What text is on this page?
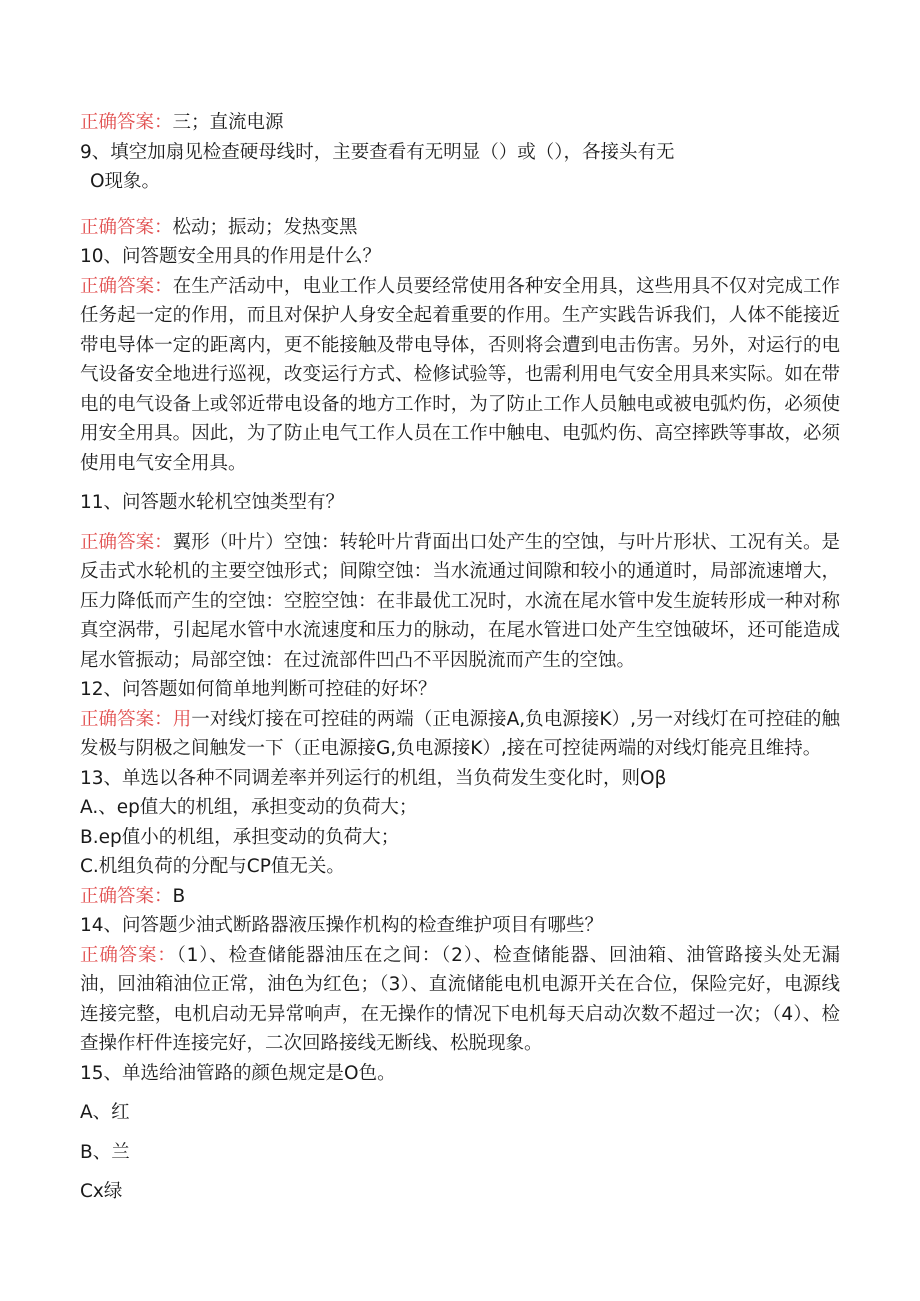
正确答案：三；直流电源
9、填空加扇见检查硬母线时，主要查看有无明显（）或（），各接头有无
O现象。
正确答案：松动；振动；发热变黑
10、问答题安全用具的作用是什么？
正确答案：在生产活动中，电业工作人员要经常使用各种安全用具，这些用具不仅对完成工作任务起一定的作用，而且对保护人身安全起着重要的作用。生产实践告诉我们，人体不能接近带电导体一定的距离内，更不能接触及带电导体，否则将会遭到电击伤害。另外，对运行的电气设备安全地进行巡视，改变运行方式、检修试验等，也需利用电气安全用具来实际。如在带电的电气设备上或邻近带电设备的地方工作时，为了防止工作人员触电或被电弧灼伤，必须使用安全用具。因此，为了防止电气工作人员在工作中触电、电弧灼伤、高空摔跌等事故，必须使用电气安全用具。
11、问答题水轮机空蚀类型有？
正确答案：翼形（叶片）空蚀：转轮叶片背面出口处产生的空蚀，与叶片形状、工况有关。是反击式水轮机的主要空蚀形式；间隙空蚀：当水流通过间隙和较小的通道时，局部流速增大，压力降低而产生的空蚀：空腔空蚀：在非最优工况时，水流在尾水管中发生旋转形成一种对称真空涡带，引起尾水管中水流速度和压力的脉动，在尾水管进口处产生空蚀破坏，还可能造成尾水管振动；局部空蚀：在过流部件凹凸不平因脱流而产生的空蚀。
12、问答题如何简单地判断可控硅的好坏？
正确答案：用一对线灯接在可控硅的两端（正电源接A,负电源接K）,另一对线灯在可控硅的触发极与阴极之间触发一下（正电源接G,负电源接K）,接在可控徒两端的对线灯能亮且维持。
13、单选以各种不同调差率并列运行的机组，当负荷发生变化时，则Oβ
A.、ep值大的机组，承担变动的负荷大；
B.ep值小的机组，承担变动的负荷大；
C.机组负荷的分配与CP值无关。
正确答案：B
14、问答题少油式断路器液压操作机构的检查维护项目有哪些？
正确答案：（1）、检查储能器油压在之间：（2）、检查储能器、回油箱、油管路接头处无漏油，回油箱油位正常，油色为红色；（3）、直流储能电机电源开关在合位，保险完好，电源线连接完整，电机启动无异常响声，在无操作的情况下电机每天启动次数不超过一次；（4）、检查操作杆件连接完好，二次回路接线无断线、松脱现象。
15、单选给油管路的颜色规定是O色。
A、红
B、兰
Cx绿
